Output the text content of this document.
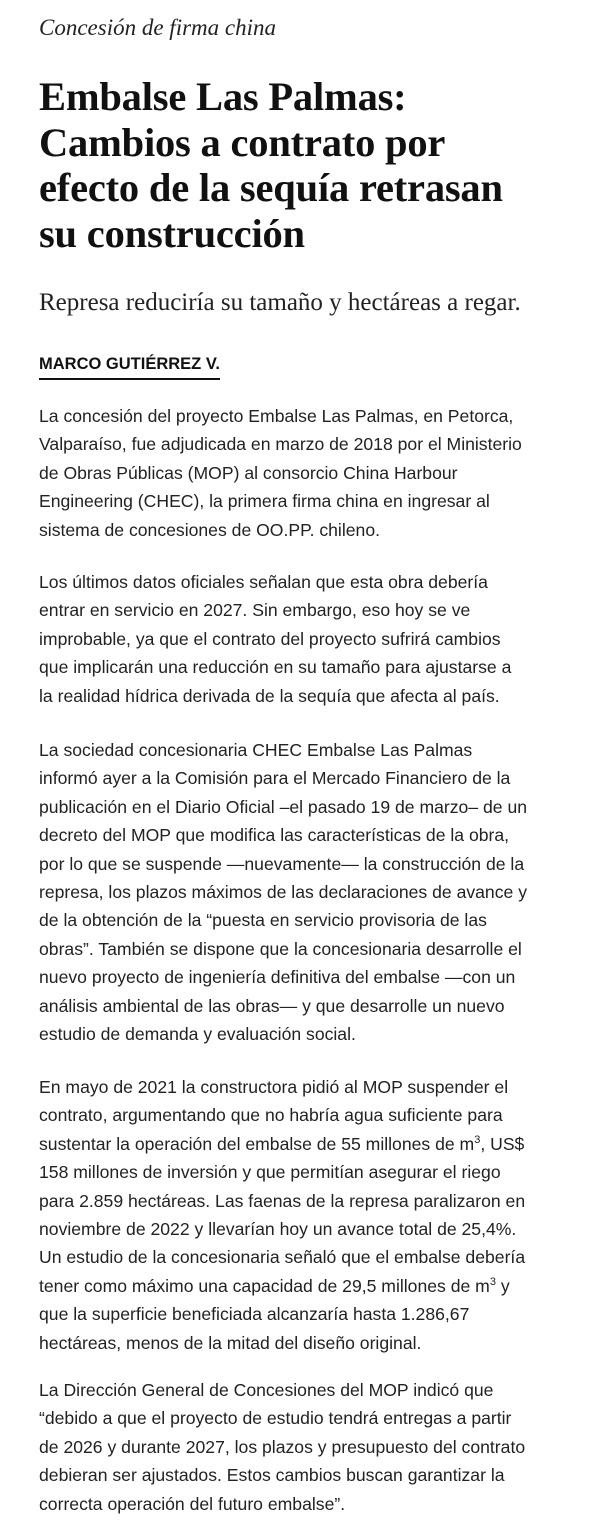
Concesión de firma china
Embalse Las Palmas:
Cambios a contrato por
efecto de la sequía retrasan
su construcción
Represa reduciría su tamaño y hectáreas a regar.
MARCO GUTIÉRREZ V.
La concesión del proyecto Embalse Las Palmas, en Petorca,
Valparaíso, fue adjudicada en marzo de 2018 por el Ministerio
de Obras Públicas (MOP) al consorcio China Harbour
Engineering (CHEC), la primera firma china en ingresar al
sistema de concesiones de OO.PP. chileno.
Los últimos datos oficiales señalan que esta obra debería
entrar en servicio en 2027. Sin embargo, eso hoy se ve
improbable, ya que el contrato del proyecto sufrirá cambios
que implicarán una reducción en su tamaño para ajustarse a
la realidad hídrica derivada de la sequía que afecta al país.
La sociedad concesionaria CHEC Embalse Las Palmas
informó ayer a la Comisión para el Mercado Financiero de la
publicación en el Diario Oficial –el pasado 19 de marzo– de un
decreto del MOP que modifica las características de la obra,
por lo que se suspende —nuevamente— la construcción de la
represa, los plazos máximos de las declaraciones de avance y
de la obtención de la “puesta en servicio provisoria de las
obras”. También se dispone que la concesionaria desarrolle el
nuevo proyecto de ingeniería definitiva del embalse —con un
análisis ambiental de las obras— y que desarrolle un nuevo
estudio de demanda y evaluación social.
En mayo de 2021 la constructora pidió al MOP suspender el
contrato, argumentando que no habría agua suficiente para
sustentar la operación del embalse de 55 millones de $m^3$, US$
158 millones de inversión y que permitían asegurar el riego
para 2.859 hectáreas. Las faenas de la represa paralizaron en
noviembre de 2022 y llevarían hoy un avance total de 25,4%.
Un estudio de la concesionaria señaló que el embalse debería
tener como máximo una capacidad de 29,5 millones de $m^3$ y
que la superficie beneficiada alcanzaría hasta 1.286,67
hectáreas, menos de la mitad del diseño original.
La Dirección General de Concesiones del MOP indicó que
“debido a que el proyecto de estudio tendrá entregas a partir
de 2026 y durante 2027, los plazos y presupuesto del contrato
debieran ser ajustados. Estos cambios buscan garantizar la
correcta operación del futuro embalse”.
